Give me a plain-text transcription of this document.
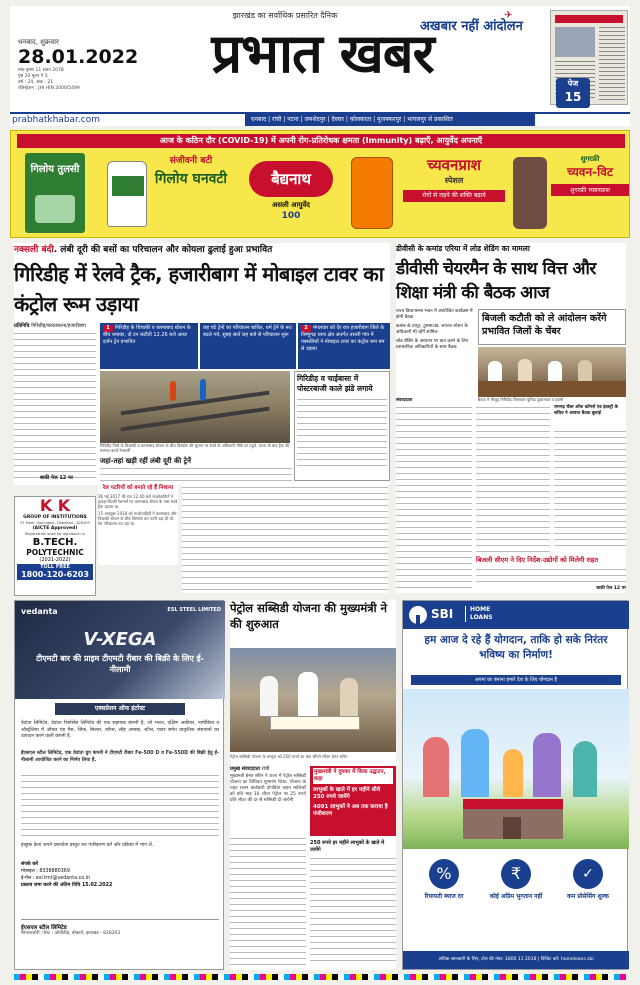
धनबाद, शुक्रवार
28.01.2022
माघ कृष्ण 11 संवत 2078
पृष्ठ 20 मूल्य ₹ 5
वर्ष : 24, अंक : 21
रजिस्ट्रेशन : JHI HIN 2000/5499
झारखंड का सर्वाधिक प्रसारित दैनिक
प्रभात खबर
अखबार नहीं आंदोलन
✈
पेज
15
prabhatkhabar.com	धनबाद | रांची | पटना | जमशेदपुर | देवघर | कोलकाता | मुजफ्फरपुर | भागलपुर से प्रकाशित
आज के कठिन दौर (COVID-19) में अपनी रोग-प्रतिरोधक क्षमता (Immunity) बढ़ाएँ, आयुर्वेद अपनाएँ
गिलोय तुलसी
संजीवनी बटी
गिलोय घनवटी	बैद्यनाथ
असली आयुर्वेद
100
च्यवनप्राश
स्पेशल
रोगों से लड़ने की शक्ति बढ़ाये
शुगरफ्री
च्यवन-विट
शुगरफ्री च्यवनप्राश
नक्सली बंदी. लंबी दूरी की बसों का परिचालन और कोयला ढुलाई हुआ प्रभावित
गिरिडीह में रेलवे ट्रैक, हजारीबाग में मोबाइल टावर का कंट्रोल रूम उड़ाया
प्रतिनिधि गिरिडीह/बरकाकाना/हजारीबाग	1 गिरिडीह के चिचाकी व करमाबाद स्टेशन के बीच धमाका, दो टन कटौती 12.26 बजे आधा दर्जन ट्रेन प्रभावित
छह घंटे ट्रेनों का परिचालन बाधित, धर्म ट्रेनें के रूट बदले गये, सुबह सातें छह बजे से परिचालन शुरू
2 मंगलवार को देर रात हजारीबाग जिले के विष्णुगढ़ थाना क्षेत्र अंतर्गत तस्तरी गांव में नक्सलियों ने मोबाइल टावर का कंट्रोल रूम बम से उड़ाया
गिरिडीह जिले के चिचाकी व करमाबाद स्टेशन के बीच विस्फोट की सूचना पर रेलवे के अधिकारी मौके पर पहुंचे. घटना के बाद ट्रैक की मरम्मत करते रेलकर्मी
गिरिडीह व चाईबासा में पोस्टरबाजी काले झंडे लगाये
जहां-तहां खड़ी रहीं लंबी दूरी की ट्रेनें
रेल पटरियों को बनाते रहे हैं निशाना
26 मई 2017 की रात 12.40 बजे माओवादियों ने हावड़ा-दिल्ली रेलमार्ग पर करमाबाद स्टेशन के पास रेलवे ट्रैक उड़ाया था.
15 अक्तूबर 2018 को माओवादियों ने करमाबाद और चिचाकी स्टेशन के बीच विस्फोट कर पटरी उड़ा दी थी. रेल परिचालन ठप रहा था.
बाकी पेज 12 पर
K K
GROUP OF INSTITUTIONS
ST Mark, Govindpur, Dhanbad - 828109
(AICTE Approved)
Registration open for admission in
B.TECH.
POLYTECHNIC
(2021-2022)
TOLL FREE
1800-120-6203
डीवीसी के कमांड एरिया में लोड शेडिंग का मामला
डीवीसी चेयरमैन के साथ वित्त और शिक्षा मंत्री की बैठक आज
राज्य विधानसभा भवन में आयोजित कार्यक्रम में होगी बैठक
कमांड के ठप्पूर, टुसमाटांड, जनरल स्टेशन के अधिकारी भी रहेंगे शामिल
लोड शेडिंग के अध्ययन पर बात करने के लिए प्रशासनिक अधिकारियों के साथ बैठक
बिजली कटौती को ले आंदोलन करेंगे प्रभावित जिलों के चेंबर
संवाददाता	बैठक में मौजूद गिरिडीह जिलावार चुनिंदा दुकानदार व उद्यमी
रामगढ़ चेंबर ऑफ कॉमर्स एंड इंडस्ट्री के सचिव ने आपात बैठक बुलाई
बिजली सीएम ने दिए निर्देश-उद्योगों को मिलेगी राहत
बाकी पेज 12 पर
vedanta	ESL STEEL LIMITED
V-XEGA
टीएमटी बार की प्राइम टीएमटी रीबार की बिक्री के लिए ई-नीलामी
एक्सप्रेशन ऑफ इंटरेस्ट
वेदांता लिमिटेड, वेदांता रिसोर्सेस लिमिटेड की एक सहायक कंपनी है, जो भारत, दक्षिण अफ्रीका, नामीबिया व ऑस्ट्रेलिया में ऑयल एंड गैस, जिंक, सिल्वर, कॉपर, लौह अयस्क, स्टील, पावर समेत प्राकृतिक संसाधनों का उत्पादन करने वाली कंपनी है.
ईएसएल स्टील लिमिटेड, एक वेदांता ग्रुप कंपनी ने टीएमटी रीबार Fe-500 D व Fe-550D की बिक्री हेतु ई-नीलामी आयोजित करने का निर्णय लिया है.
इच्छुक क्रेता अपने दस्तावेज प्रस्तुत कर पंजीकरण करें और प्रक्रिया में भाग लें.
संपर्क करें
मोबाइल : 8338880369
ई-मेल : esl.tmt@vedanta.co.in
प्रस्ताव जमा करने की अंतिम तिथि 15.02.2022
ईएसएल स्टील लिमिटेड
सियालजोरी, पोस्ट - जोधीडीह, बोकारो, झारखंड - 828303
पेट्रोल सब्सिडी योजना की मुख्यमंत्री ने की शुरुआत
पेट्रोल सब्सिडी योजना के लाभुक को 250 रुपये का चेक सौंपते सीएम हेमंत सोरेन
प्रमुख संवाददाता रांची
मुख्यमंत्री हेमंत सोरेन ने राज्य में पेट्रोल सब्सिडी योजना का विधिवत शुभारंभ किया. योजना के तहत राशन कार्डधारी दोपहिया वाहन मालिकों को प्रति माह 10 लीटर पेट्रोल पर 25 रुपये प्रति लीटर की दर से सब्सिडी दी जायेगी.
मुख्यमंत्री ने दुमका में किया उद्घाटन, कहा
लाभुकों के खाते में हर महीने सीधे 250 रुपये जायेंगे
4091 लाभुकों ने अब तक कराया है पंजीकरण
250 रुपये हर महीने लाभुकों के खाते में जायेंगे
SBI	HOME
LOANS
हम आज दे रहे हैं योगदान, ताकि हो सके निरंतर भविष्य का निर्माण!
अपना घर बनाना हमारे देश के लिए योगदान है
%
रियायती ब्याज दर
₹
कोई अग्रिम भुगतान नहीं
✓
कम प्रोसेसिंग शुल्क
अधिक जानकारी के लिए, टोल फ्री नंबर: 1800 11 2018 | विजिट करें: homeloans.sbi
